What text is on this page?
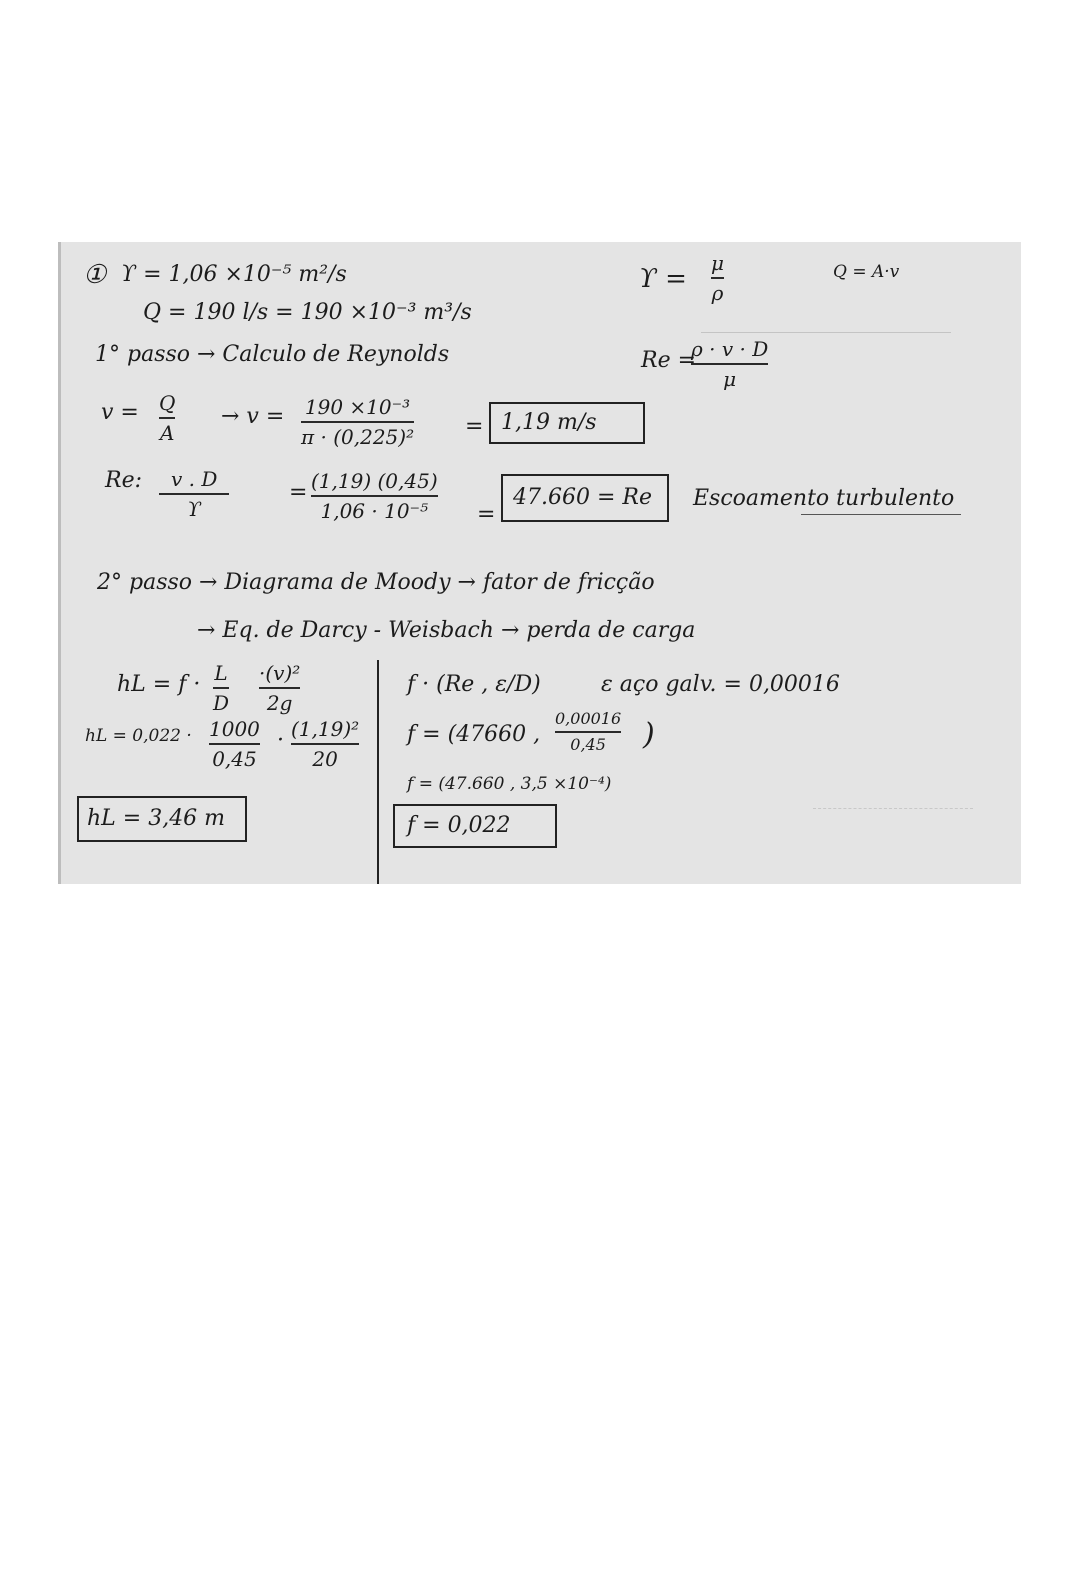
① ϒ = 1,06 ×10⁻⁵ m²/s
Q = 190 l/s = 190 ×10⁻³ m³/s
ϒ =
μ
ρ
Q = A·v
1° passo → Calculo de Reynolds	Re =
ρ · v · D
μ
v = Q
A
→ v = 190 ×10⁻³
π · (0,225)² = 1,19 m/s
Re:	v . D
ϒ
= (1,19) (0,45)
1,06 · 10⁻⁵ =
47.660 = Re Escoamento turbulento
2° passo → Diagrama de Moody → fator de fricção
→ Eq. de Darcy - Weisbach → perda de carga
hL = f · L
D
·(v)²
2g
hL = 0,022 · 1000
0,45
· (1,19)²
20
hL = 3,46 m
f · (Re , ε/D)	ε aço galv. = 0,00016
f = (47660 ,
0,00016
0,45 )
f = (47.660 , 3,5 ×10⁻⁴)
f = 0,022
